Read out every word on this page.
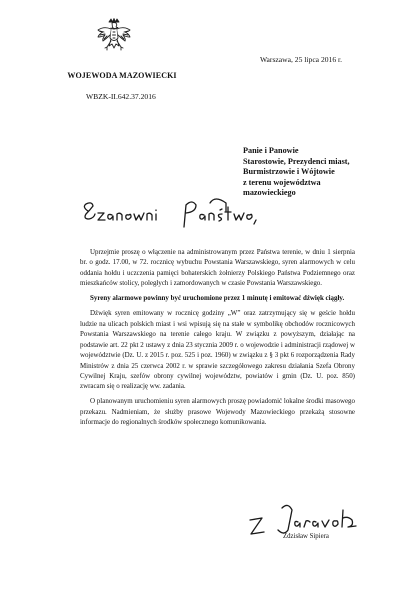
WOJEWODA MAZOWIECKI
WBZK-II.642.37.2016
Warszawa, 25 lipca 2016 r.
Panie i Panowie
Starostowie, Prezydenci miast,
Burmistrzowie i Wójtowie
z terenu województwa
mazowieckiego

Uprzejmie proszę o włączenie na administrowanym przez Państwa terenie, w dniu 1 sierpnia br. o godz. 17.00, w 72. rocznicę wybuchu Powstania Warszawskiego, syren alarmowych w celu oddania hołdu i uczczenia pamięci bohaterskich żołnierzy Polskiego Państwa Podziemnego oraz mieszkańców stolicy, poległych i zamordowanych w czasie Powstania Warszawskiego.

Syreny alarmowe powinny być uruchomione przez 1 minutę i emitować dźwięk ciągły.

Dźwięk syren emitowany w rocznicę godziny „W” oraz zatrzymujący się w geście hołdu ludzie na ulicach polskich miast i wsi wpisują się na stałe w symbolikę obchodów rocznicowych Powstania Warszawskiego na terenie całego kraju. W związku z powyższym, działając na podstawie art. 22 pkt 2 ustawy z dnia 23 stycznia 2009 r. o wojewodzie i administracji rządowej w województwie (Dz. U. z 2015 r. poz. 525 i poz. 1960) w związku z § 3 pkt 6 rozporządzenia Rady Ministrów z dnia 25 czerwca 2002 r. w sprawie szczegółowego zakresu działania Szefa Obrony Cywilnej Kraju, szefów obrony cywilnej województw, powiatów i gmin (Dz. U. poz. 850) zwracam się o realizację ww. zadania.

O planowanym uruchomieniu syren alarmowych proszę powiadomić lokalne środki masowego przekazu. Nadmieniam, że służby prasowe Wojewody Mazowieckiego przekażą stosowne informacje do regionalnych środków społecznego komunikowania.

Zdzisław Sipiera
